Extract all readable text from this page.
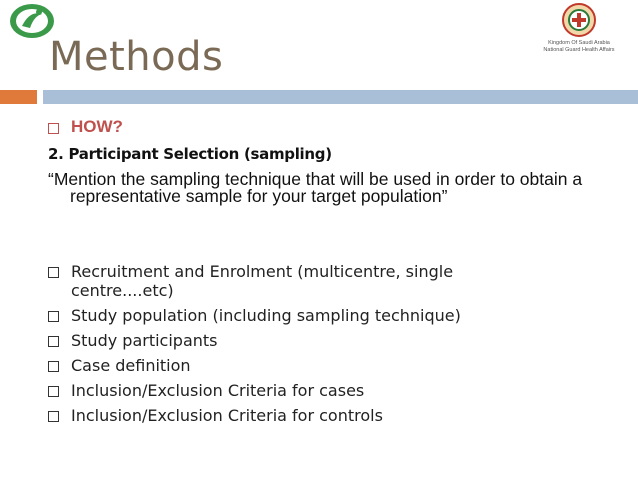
Kingdom Of Saudi Arabia
National Guard Health Affairs
Methods
HOW?
2. Participant Selection (sampling)
“Mention the sampling technique that will be used in order to obtain a representative sample for your target population”
Recruitment and Enrolment (multicentre, single centre....etc)
Study population (including sampling technique)
Study participants
Case definition
Inclusion/Exclusion Criteria for cases
Inclusion/Exclusion Criteria for controls
